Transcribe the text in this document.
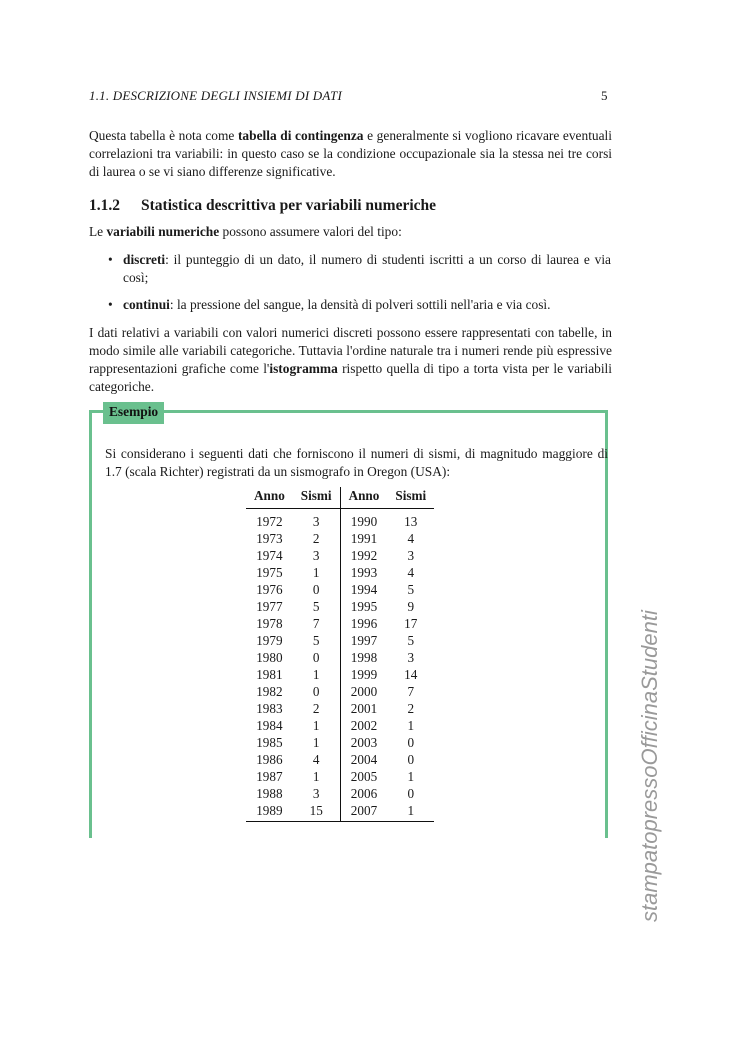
1.1. DESCRIZIONE DEGLI INSIEMI DI DATI	5
Questa tabella è nota come tabella di contingenza e generalmente si vogliono ricavare eventuali correlazioni tra variabili: in questo caso se la condizione occupazionale sia la stessa nei tre corsi di laurea o se vi siano differenze significative.
1.1.2 Statistica descrittiva per variabili numeriche
Le variabili numeriche possono assumere valori del tipo:
• discreti: il punteggio di un dato, il numero di studenti iscritti a un corso di laurea e via così;
• continui: la pressione del sangue, la densità di polveri sottili nell'aria e via così.
I dati relativi a variabili con valori numerici discreti possono essere rappresentati con tabelle, in modo simile alle variabili categoriche. Tuttavia l'ordine naturale tra i numeri rende più espressive rappresentazioni grafiche come l'istogramma rispetto quella di tipo a torta vista per le variabili categoriche.
Esempio
Si considerano i seguenti dati che forniscono il numeri di sismi, di magnitudo maggiore di 1.7 (scala Richter) registrati da un sismografo in Oregon (USA):
Anno	Sismi	Anno	Sismi
1972	3	1990	13
1973	2	1991	4
1974	3	1992	3
1975	1	1993	4
1976	0	1994	5
1977	5	1995	9
1978	7	1996	17
1979	5	1997	5
1980	0	1998	3
1981	1	1999	14
1982	0	2000	7
1983	2	2001	2
1984	1	2002	1
1985	1	2003	0
1986	4	2004	0
1987	1	2005	1
1988	3	2006	0
1989	15	2007	1	stampatopressoOfficinaStudenti
